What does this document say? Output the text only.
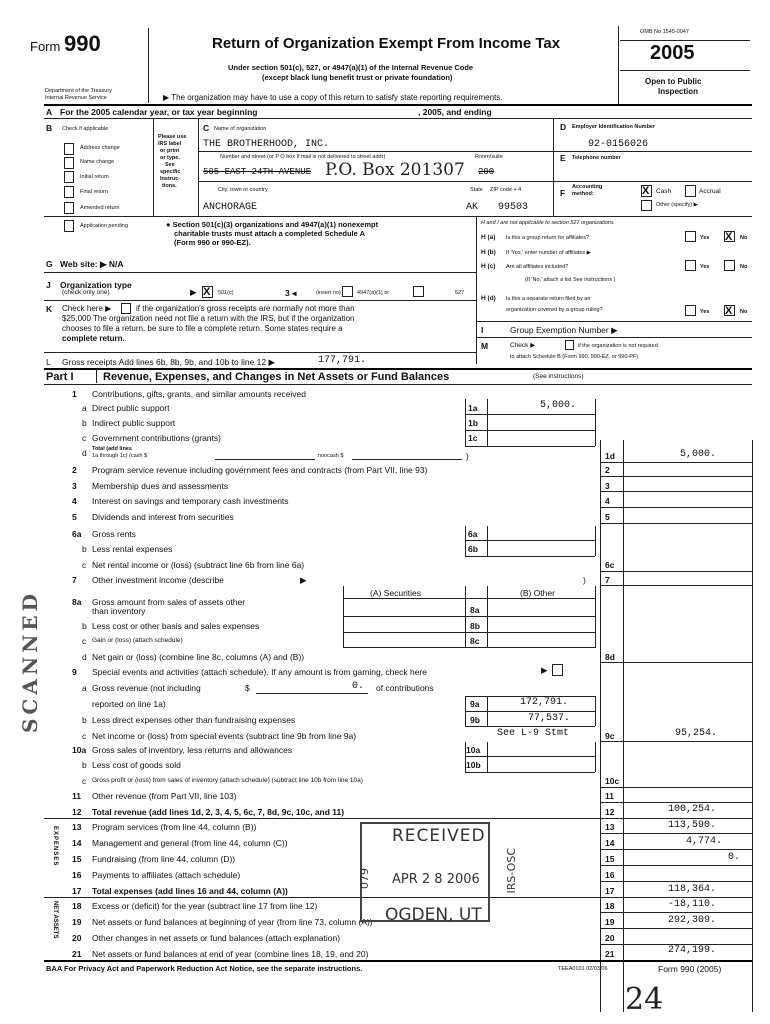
Form 990	Return of Organization Exempt From Income Tax
Under section 501(c), 527, or 4947(a)(1) of the Internal Revenue Code
(except black lung benefit trust or private foundation)
Department of the Treasury
Internal Revenue Service	▶ The organization may have to use a copy of this return to satisfy state reporting requirements.
OMB No 1545-0047
2005
Open to Public
Inspection
A For the 2005 calendar year, or tax year beginning	, 2005, and ending
B Check if applicable
Address change
Name change
Initial return
Final return
Amended return
Application pending
Please use
IRS label
or print
or type.
See
specific
Instruc-
tions.
C Name of organization
THE BROTHERHOOD, INC.
Number and street (or P O box if mail is not delivered to street addr)	Room/suite
505 EAST 24TH AVENUE P.O. Box 201307 200
City, town or country	State ZIP code + 4
ANCHORAGE	AK 99503
D Employer Identification Number
92-0156026
E Telephone number
F
Accounting
method:	X Cash	Accrual
Other (specify) ▶
● Section 501(c)(3) organizations and 4947(a)(1) nonexempt
charitable trusts must attach a completed Schedule A
(Form 990 or 990-EZ).
G Web site: ▶ N/A
J Organization type
(check only one)	▶ X 501(c)	3 ◂	(insert no)	4947(a)(1) or	527
K Check here ▶	if the organization's gross receipts are normally not more than
$25,000 The organization need not file a return with the IRS, but if the organization
chooses to file a return, be sure to file a complete return. Some states require a
complete return.
H and I are not applicable to section 527 organizations
H (a) Is this a group return for affiliates?	Yes X No
H (b) If 'Yes,' enter number of affiliates ▶
H (c) Are all affiliates included?
(If 'No,' attach a list See instructions )
Yes	No
H (d) Is this a separate return filed by an
organization covered by a group ruling?	Yes X No
I	Group Exemption Number ▶
M	Check ▶	if the organization is not required
to attach Schedule B (Form 990, 990-EZ, or 990-PF)
L Gross receipts Add lines 6b, 8b, 9b, and 10b to line 12 ▶	177,791.
Part I	Revenue, Expenses, and Changes in Net Assets or Fund Balances	(See instructions)
1 Contributions, gifts, grants, and similar amounts received
a Direct public support	1a	5,000.
b Indirect public support	1b
c Government contributions (grants)	1c
d Total (add lines
1a through 1c) (cash $	noncash $	)	1d	5,000.
2 Program service revenue including government fees and contracts (from Part VII, line 93)	2
3 Membership dues and assessments	3
4 Interest on savings and temporary cash investments	4
5 Dividends and interest from securities	5
6a Gross rents	6a
b Less rental expenses	6b
c Net rental income or (loss) (subtract line 6b from line 6a)	6c
7 Other investment income (describe	▶	) 7
(A) Securities	(B) Other
8a Gross amount from sales of assets other
than inventory	8a
b Less cost or other basis and sales expenses	8b
c Gain or (loss) (attach schedule)	8c
d Net gain or (loss) (combine line 8c, columns (A) and (B))	8d
9 Special events and activities (attach schedule). If any amount is from gaming, check here	▶
a Gross revenue (not including	$	0. of contributions
reported on line 1a)	9a	172,791.
b Less direct expenses other than fundraising expenses	9b	77,537.
c Net income or (loss) from special events (subtract line 9b from line 9a)	See L-9 Stmt	9c	95,254.
10a Gross sales of inventory, less returns and allowances	10a
b Less cost of goods sold	10b
c Gross profit or (loss) from sales of inventory (attach schedule) (subtract line 10b from line 10a)	10c
11 Other revenue (from Part VII, line 103)	11
12 Total revenue (add lines 1d, 2, 3, 4, 5, 6c, 7, 8d, 9c, 10c, and 11)	12	100,254.
13 Program services (from line 44, column (B))	13	113,590.
14 Management and general (from line 44, column (C))	14	4,774.
15 Fundraising (from line 44, column (D))	15	0.
16 Payments to affiliates (attach schedule)	16
17 Total expenses (add lines 16 and 44, column (A))	17	118,364.
18 Excess or (deficit) for the year (subtract line 17 from line 12)	18	-18,110.
19 Net assets or fund balances at beginning of year (from line 73, column (A))	19	292,309.
20 Other changes in net assets or fund balances (attach explanation)	20
21 Net assets or fund balances at end of year (combine lines 18, 19, and 20)	21	274,199.
EXPENSES
NET ASSETS
SCANNED
RECEIVED
APR 2 8 2006
OGDEN, UT
079	IRS-OSC
BAA For Privacy Act and Paperwork Reduction Act Notice, see the separate instructions.	TEEA0101 02/03/06	Form 990 (2005)
24
